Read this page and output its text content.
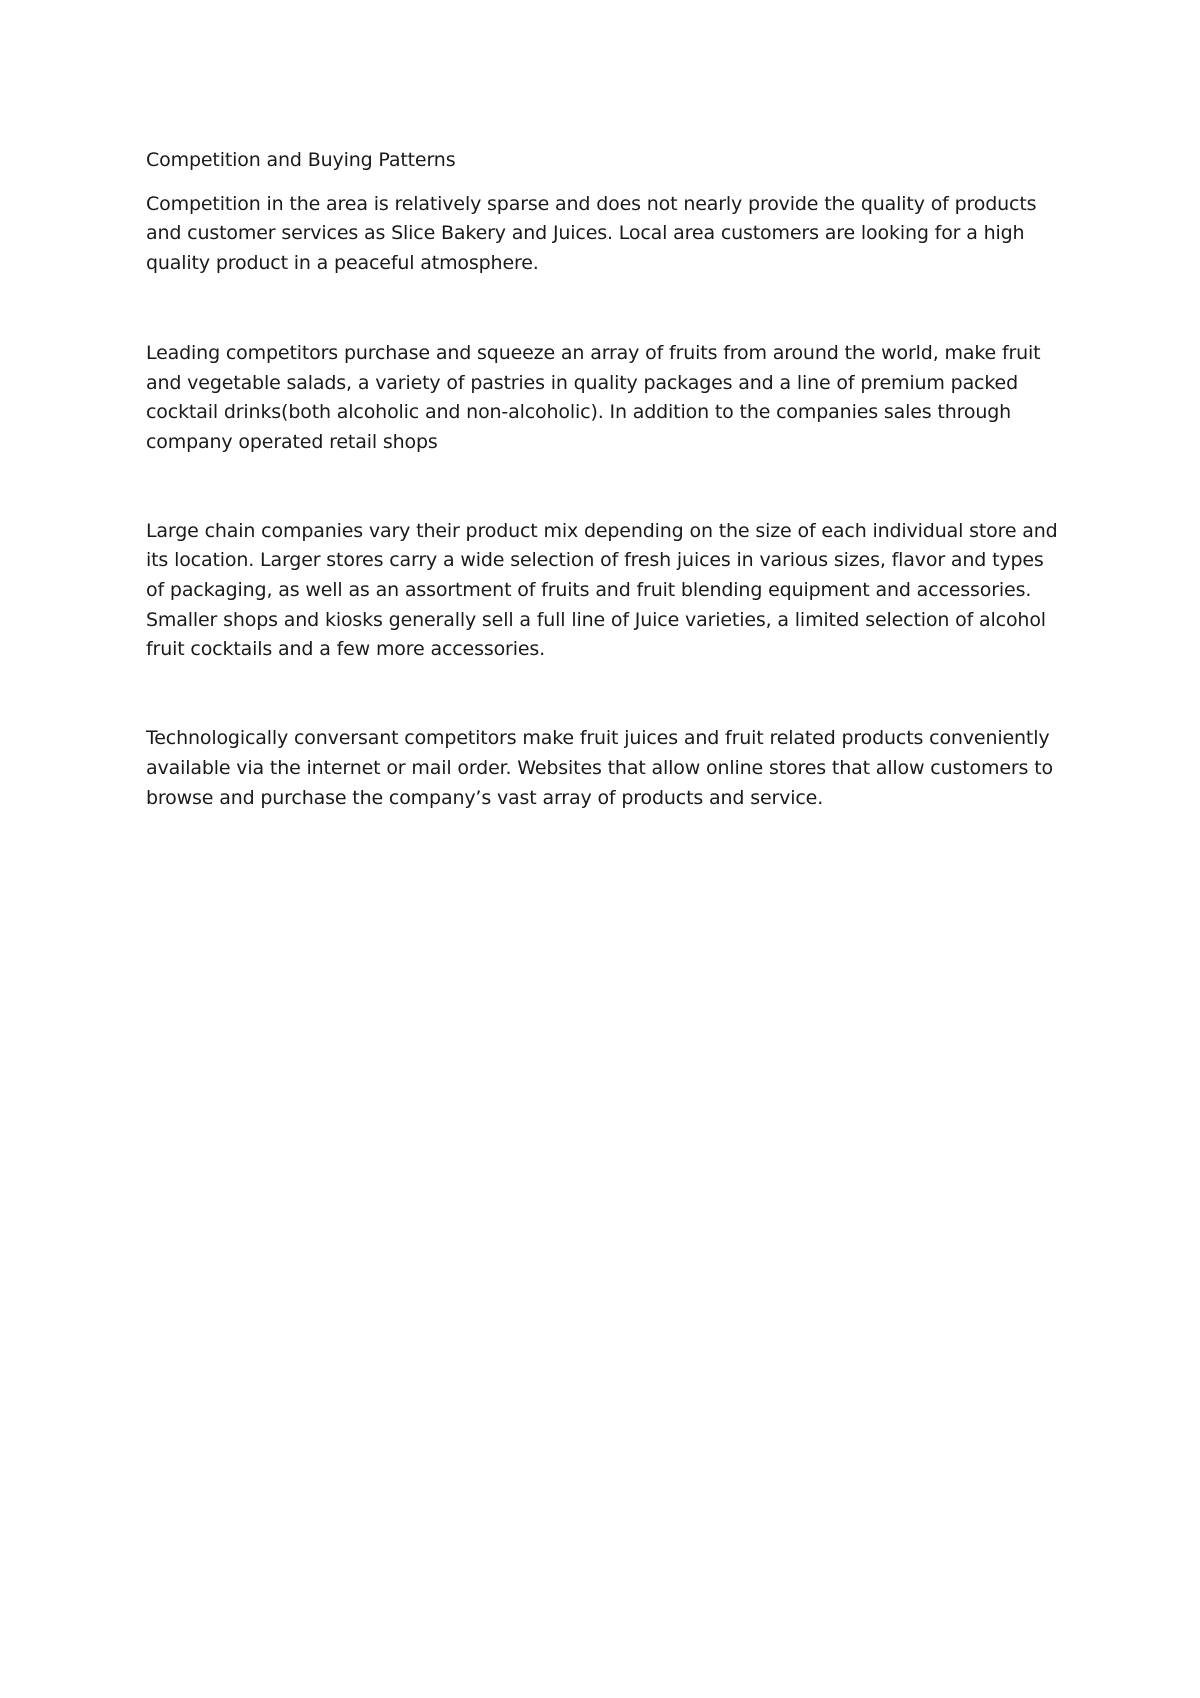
Competition and Buying Patterns

Competition in the area is relatively sparse and does not nearly provide the quality of products and customer services as Slice Bakery and Juices. Local area customers are looking for a high quality product in a peaceful atmosphere.

Leading competitors purchase and squeeze an array of fruits from around the world, make fruit and vegetable salads, a variety of pastries in quality packages and a line of premium packed cocktail drinks(both alcoholic and non-alcoholic). In addition to the companies sales through company operated retail shops

Large chain companies vary their product mix depending on the size of each individual store and its location. Larger stores carry a wide selection of fresh juices in various sizes, flavor and types of packaging, as well as an assortment of fruits and fruit blending equipment and accessories. Smaller shops and kiosks generally sell a full line of Juice varieties, a limited selection of alcohol fruit cocktails and a few more accessories.

Technologically conversant competitors make fruit juices and fruit related products conveniently available via the internet or mail order. Websites that allow online stores that allow customers to browse and purchase the company’s vast array of products and service.
